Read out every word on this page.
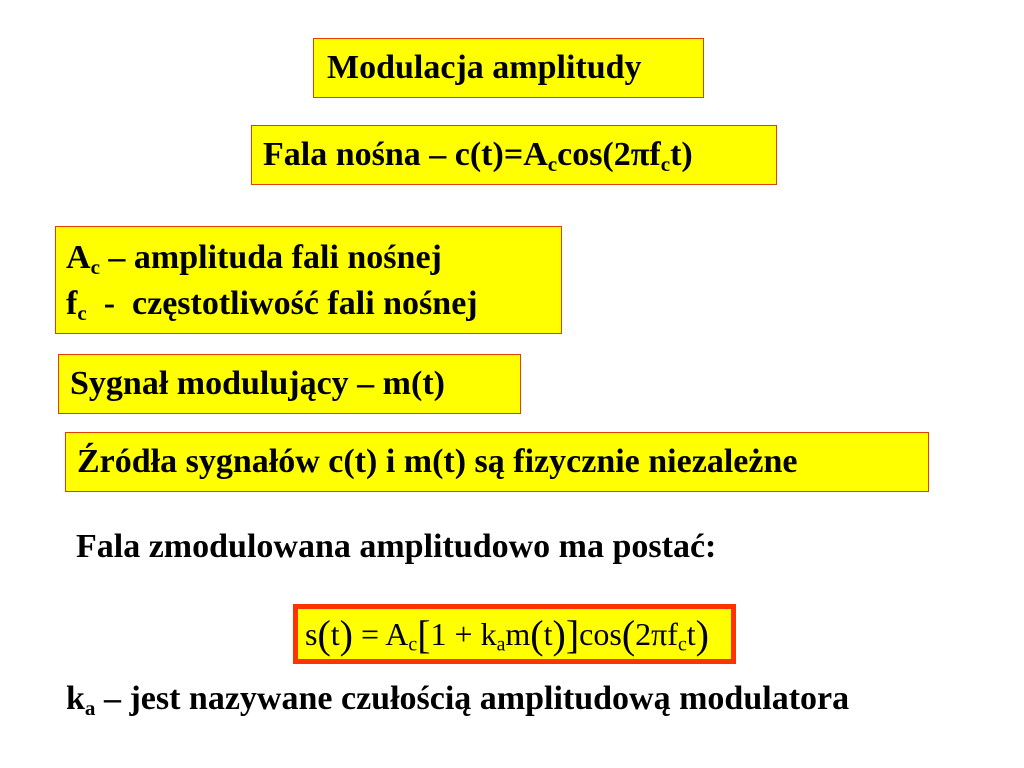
Modulacja amplitudy
Fala nośna – $c(t)=A_c\cos(2\pi f_ct)$
$A_c$ – amplituda fali nośnej
$f_c$  -  częstotliwość fali nośnej
Sygnał modulujący – m(t)
Źródła sygnałów c(t) i m(t) są fizycznie niezależne
Fala zmodulowana amplitudowo ma postać:
$s(t) = A_c[1 + k_am(t)]\cos(2\pi f_ct)$
$k_a$ – jest nazywane czułością amplitudową modulatora
